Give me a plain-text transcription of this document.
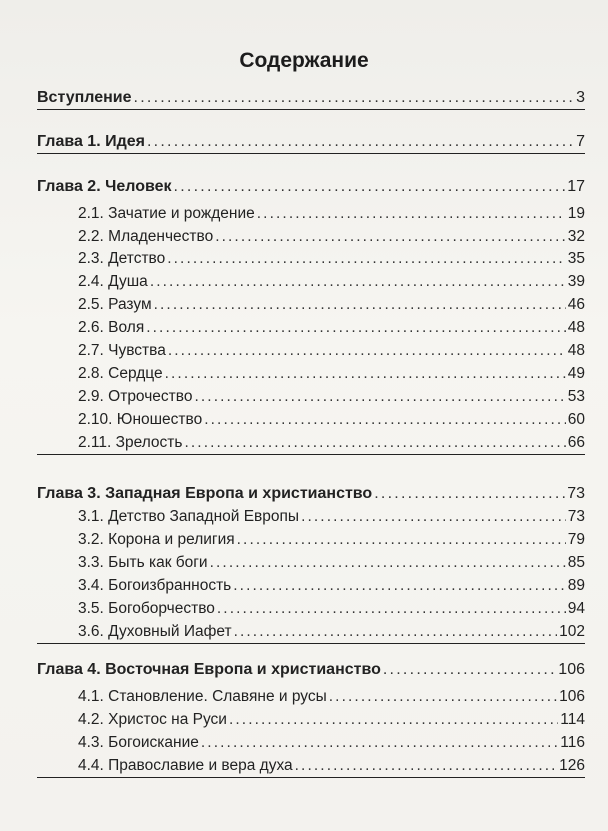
Содержание
Вступление . . .	3
Глава 1. Идея . . .	7
Глава 2. Человек . . .	17
2.1. Зачатие и рождение . . .	19
2.2. Младенчество . . .	32
2.3. Детство . . .	35
2.4. Душа . . .	39
2.5. Разум . . .	46
2.6. Воля . . .	48
2.7. Чувства . . .	48
2.8. Сердце . . .	49
2.9. Отрочество . . .	53
2.10. Юношество . . .	60
2.11. Зрелость . . .	66
Глава 3. Западная Европа и христианство . . .	73
3.1. Детство Западной Европы . . .	73
3.2. Корона и религия . . .	79
3.3. Быть как боги . . .	85
3.4. Богоизбранность . . .	89
3.5. Богоборчество . . .	94
3.6. Духовный Иафет . . .	102
Глава 4. Восточная Европа и христианство . . .	106
4.1. Становление. Славяне и русы . . .	106
4.2. Христос на Руси . . .	114
4.3. Богоискание . . .	116
4.4. Православие и вера духа . . .	126
